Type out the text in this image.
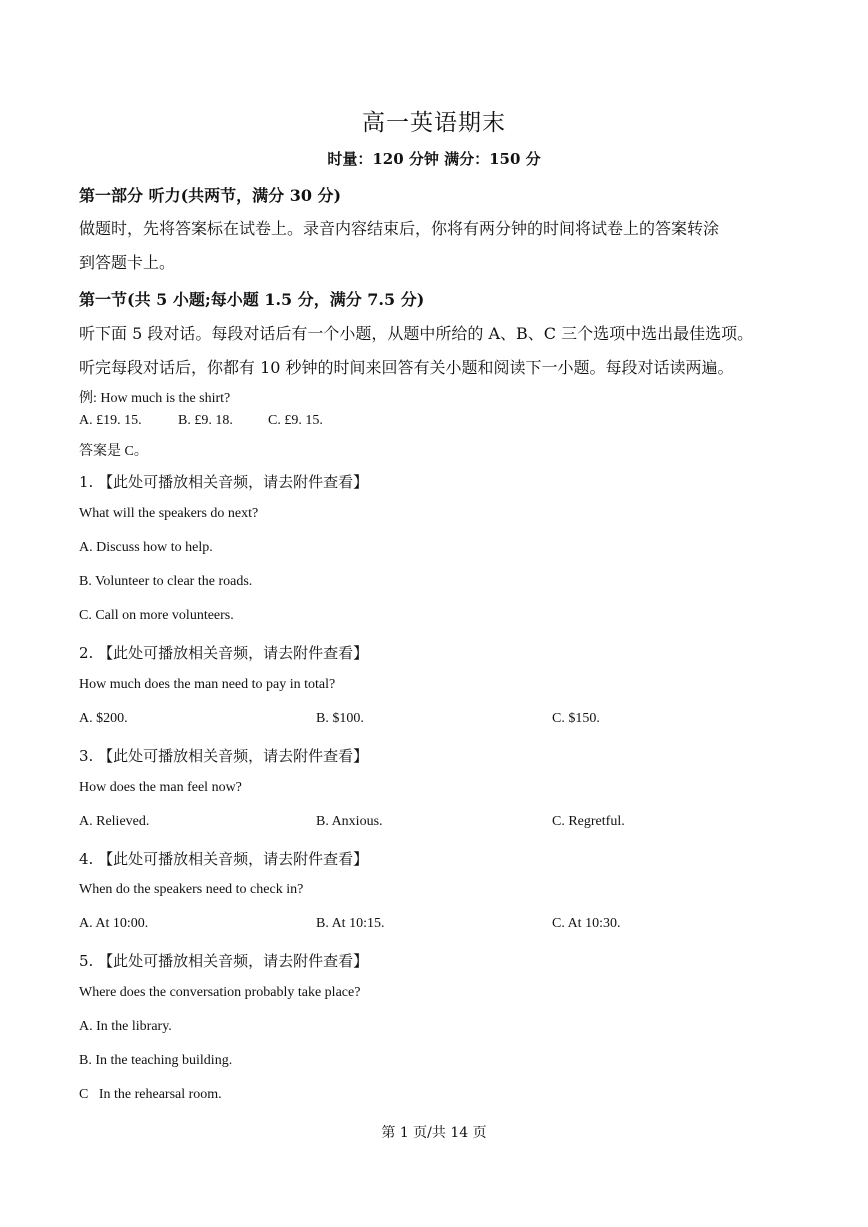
高一英语期末
时量：120 分钟 满分：150 分
第一部分 听力(共两节，满分 30 分)
做题时，先将答案标在试卷上。录音内容结束后，你将有两分钟的时间将试卷上的答案转涂
到答题卡上。
第一节(共 5 小题;每小题 1.5 分，满分 7.5 分)
听下面 5 段对话。每段对话后有一个小题，从题中所给的 A、B、C 三个选项中选出最佳选项。
听完每段对话后，你都有 10 秒钟的时间来回答有关小题和阅读下一小题。每段对话读两遍。
例: How much is the shirt?
A. £19. 15.	B. £9. 18.	C. £9. 15.
答案是 C。
1. 【此处可播放相关音频，请去附件查看】
What will the speakers do next?
A. Discuss how to help.
B. Volunteer to clear the roads.
C. Call on more volunteers.
2. 【此处可播放相关音频，请去附件查看】
How much does the man need to pay in total?
A. $200.	B. $100.	C. $150.
3. 【此处可播放相关音频，请去附件查看】
How does the man feel now?
A. Relieved.	B. Anxious.	C. Regretful.
4. 【此处可播放相关音频，请去附件查看】
When do the speakers need to check in?
A. At 10:00.	B. At 10:15.	C. At 10:30.
5. 【此处可播放相关音频，请去附件查看】
Where does the conversation probably take place?
A. In the library.
B. In the teaching building.
C   In the rehearsal room.
第 1 页/共 14 页
